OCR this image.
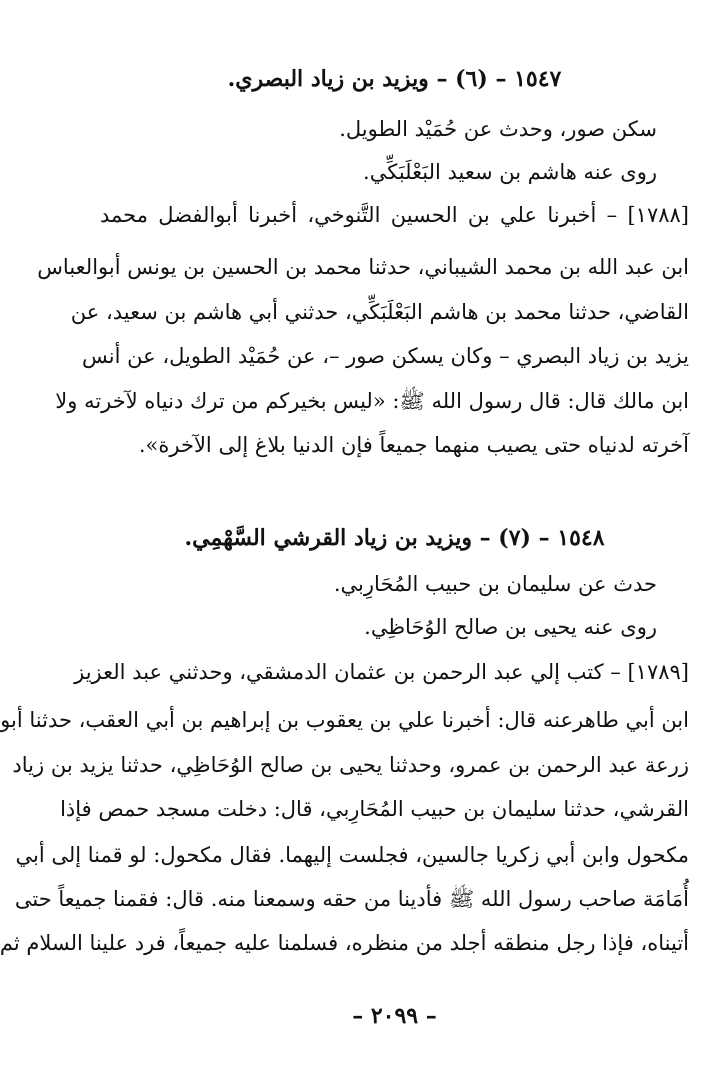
١٥٤٧ – (٦) – ويزيد بن زياد البصري.
سكن صور، وحدث عن حُمَيْد الطويل.
روى عنه هاشم بن سعيد البَعْلَبَكِّي.
[١٧٨٨] – أخبرنا علي بن الحسين التَّنوخي، أخبرنا أبوالفضل محمد
ابن عبد الله بن محمد الشيباني، حدثنا محمد بن الحسين بن يونس أبوالعباس
القاضي، حدثنا محمد بن هاشم البَعْلَبَكِّي، حدثني أبي هاشم بن سعيد، عن
يزيد بن زياد البصري – وكان يسكن صور –، عن حُمَيْد الطويل، عن أنس
ابن مالك قال: قال رسول الله ﷺ: «ليس بخيركم من ترك دنياه لآخرته ولا
آخرته لدنياه حتى يصيب منهما جميعاً فإن الدنيا بلاغ إلى الآخرة».
١٥٤٨ – (٧) – ويزيد بن زياد القرشي السَّهْمِي.
حدث عن سليمان بن حبيب المُحَارِبي.
روى عنه يحيى بن صالح الوُحَاظِي.
[١٧٨٩] – كتب إلي عبد الرحمن بن عثمان الدمشقي، وحدثني عبد العزيز
ابن أبي طاهرعنه قال: أخبرنا علي بن يعقوب بن إبراهيم بن أبي العقب، حدثنا أبو
زرعة عبد الرحمن بن عمرو، وحدثنا يحيى بن صالح الوُحَاظِي، حدثنا يزيد بن زياد
القرشي، حدثنا سليمان بن حبيب المُحَارِبي، قال: دخلت مسجد حمص فإذا
مكحول وابن أبي زكريا جالسين، فجلست إليهما. فقال مكحول: لو قمنا إلى أبي
أُمَامَة صاحب رسول الله ﷺ فأدينا من حقه وسمعنا منه. قال: فقمنا جميعاً حتى
أتيناه، فإذا رجل منطقه أجلد من منظره، فسلمنا عليه جميعاً، فرد علينا السلام ثم
– ٢٠٩٩ –
